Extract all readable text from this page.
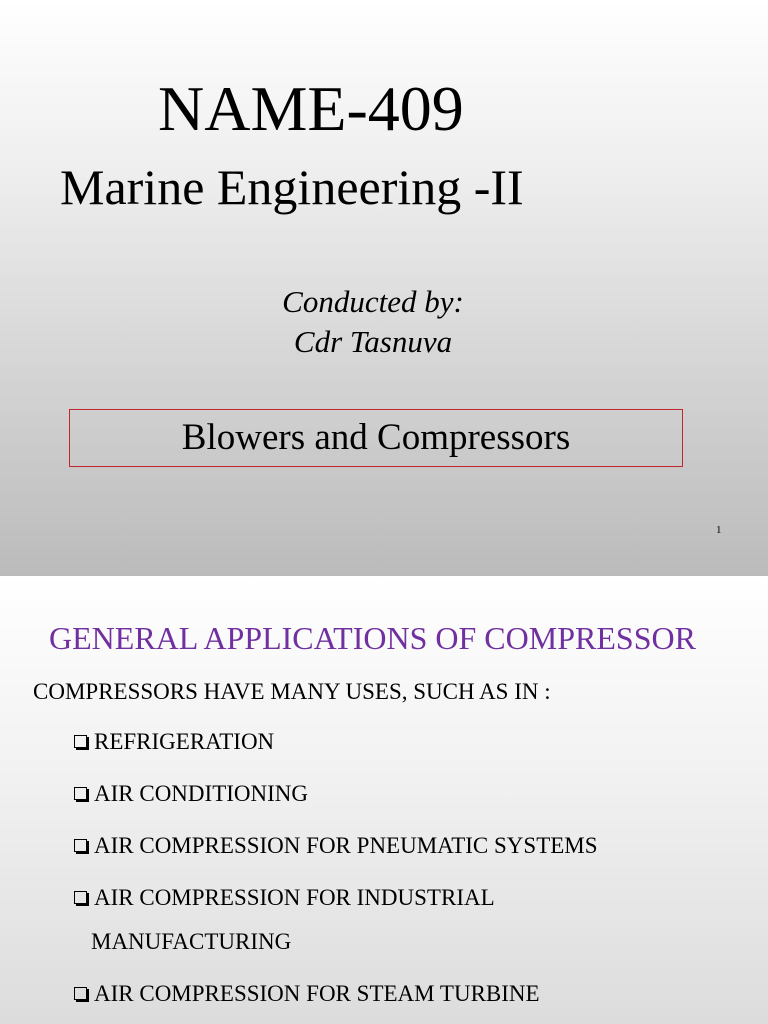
NAME-409
Marine Engineering -II
Conducted by:
Cdr Tasnuva
Blowers and Compressors
1
GENERAL APPLICATIONS OF COMPRESSOR
COMPRESSORS HAVE MANY USES, SUCH AS IN :
REFRIGERATION
AIR CONDITIONING
AIR COMPRESSION FOR PNEUMATIC SYSTEMS
AIR COMPRESSION FOR INDUSTRIAL
MANUFACTURING
AIR COMPRESSION FOR STEAM TURBINE
